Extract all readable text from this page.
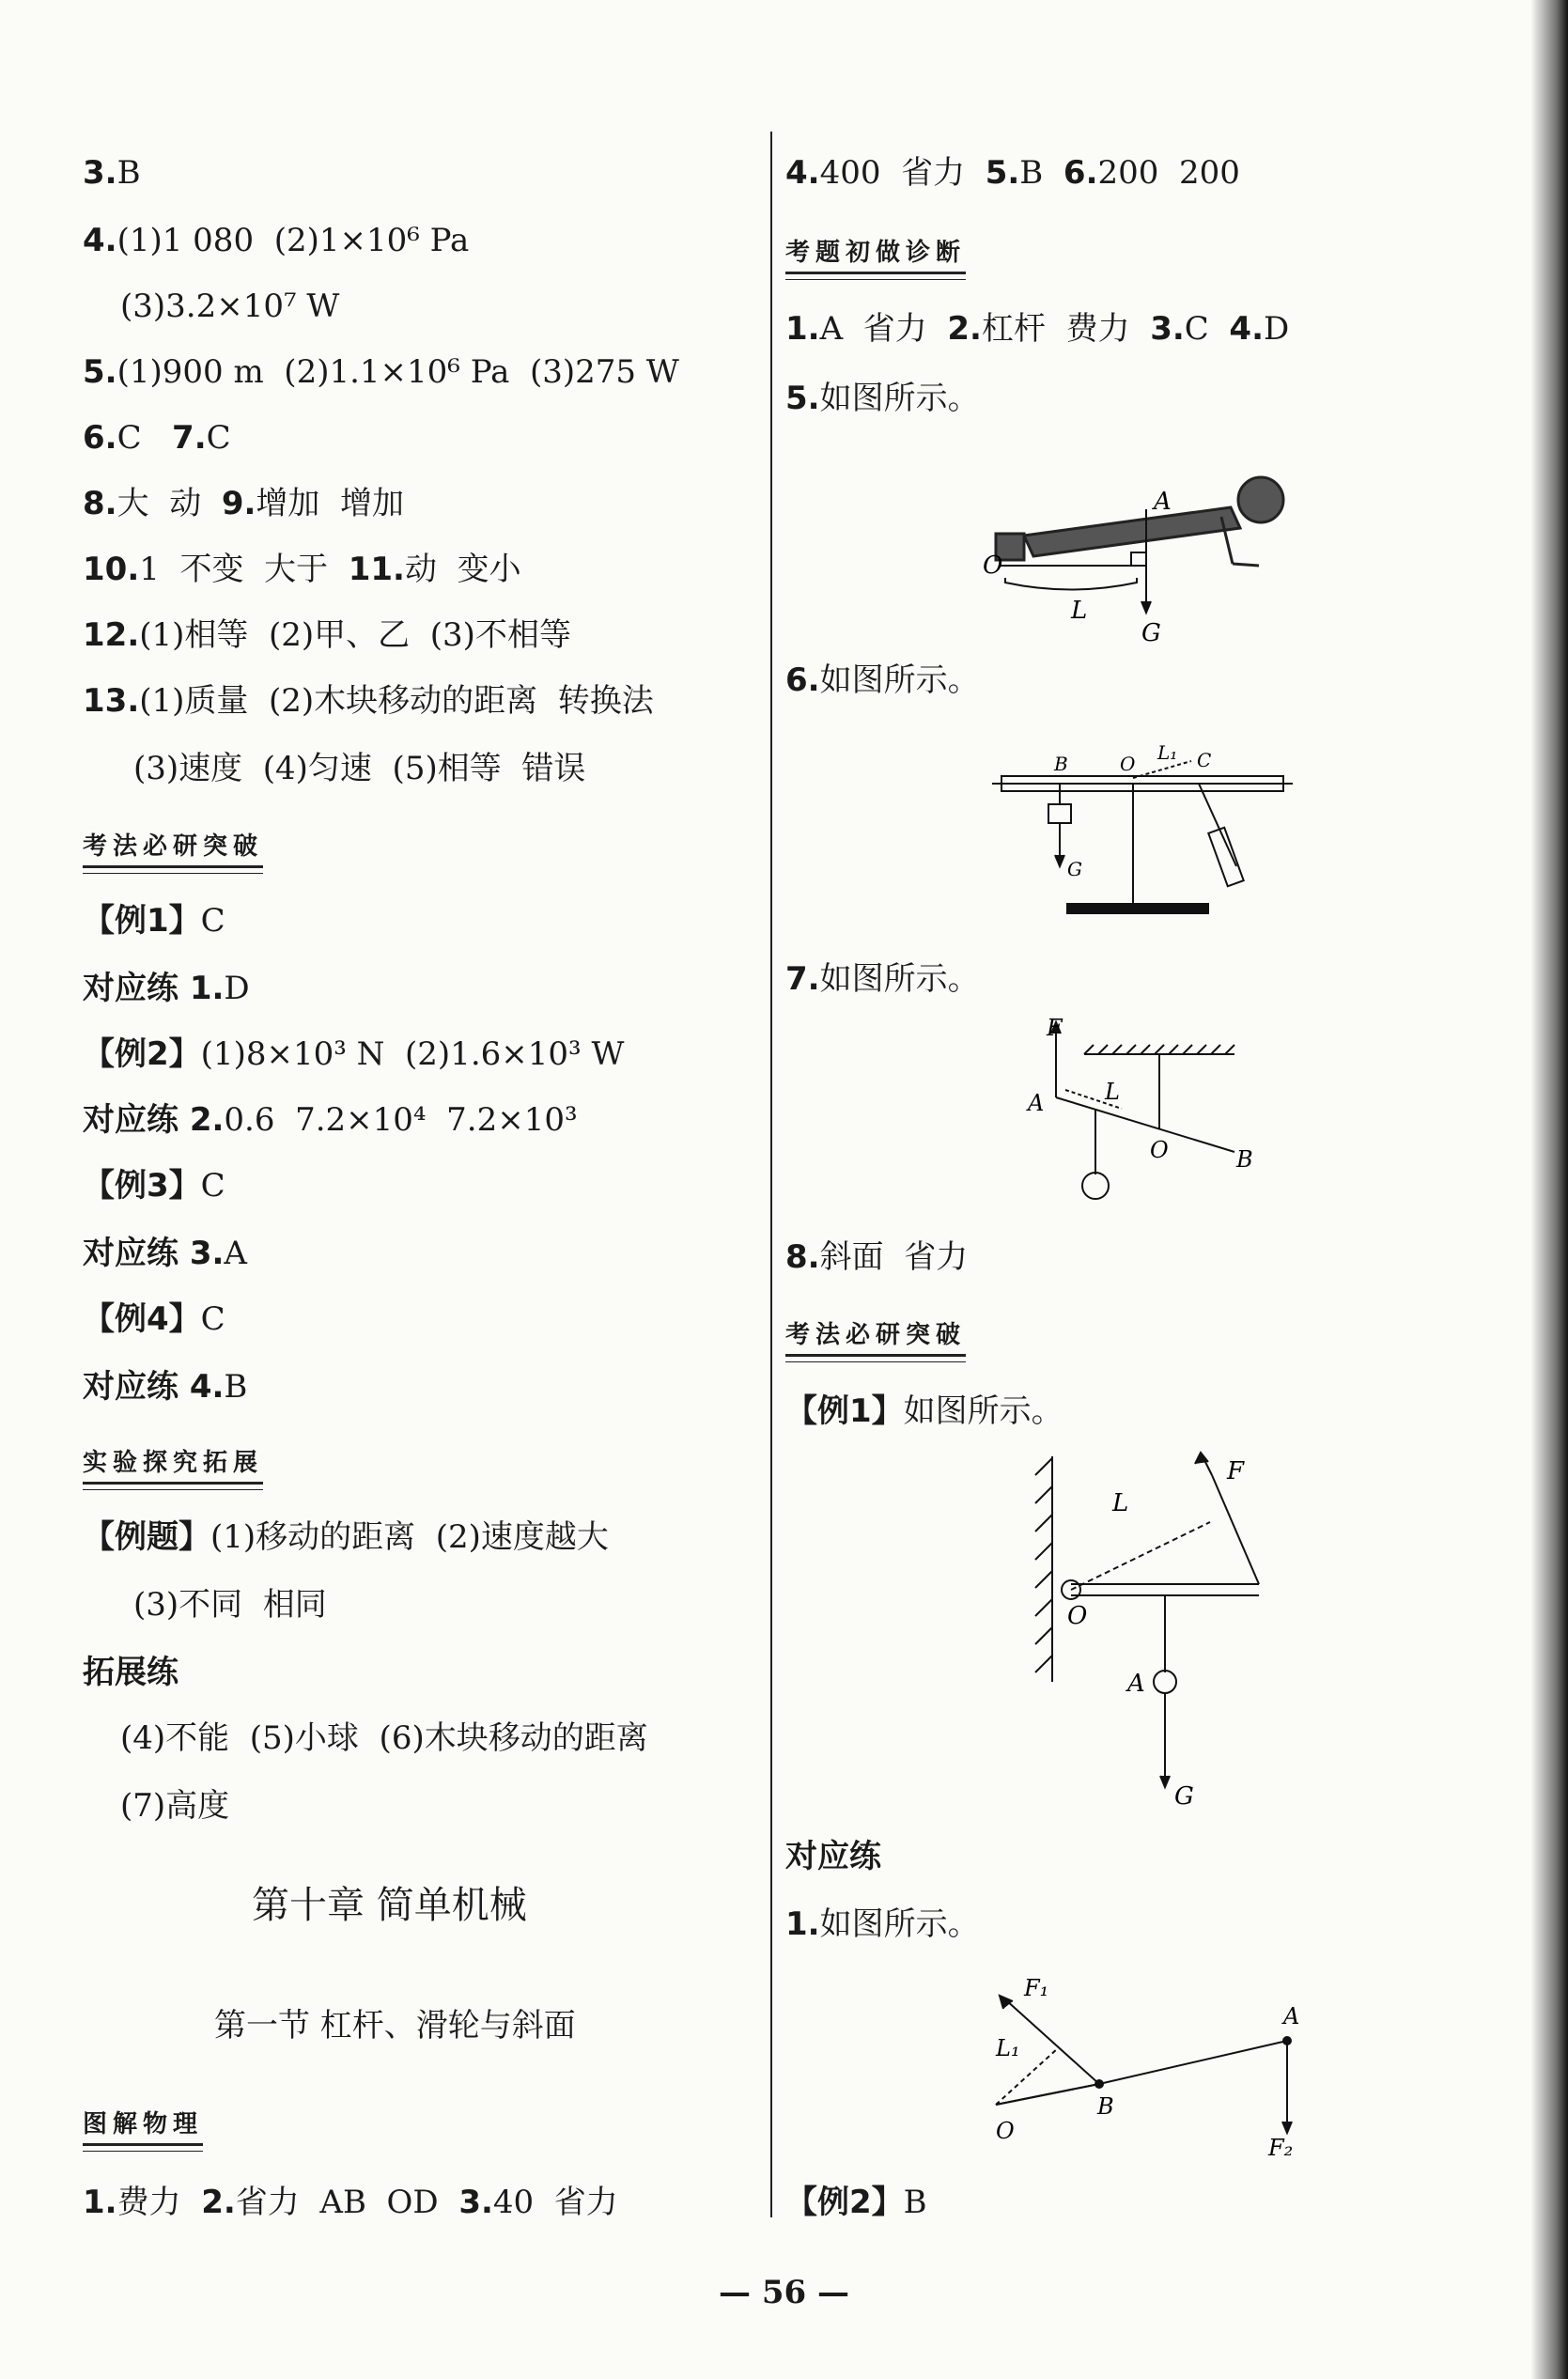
3.B
4.(1)1 080  (2)1×10⁶ Pa
(3)3.2×10⁷ W
5.(1)900 m  (2)1.1×10⁶ Pa  (3)275 W
6.C 7.C
8.大  动 9.增加  增加
10.1  不变  大于 11.动  变小
12.(1)相等  (2)甲、乙  (3)不相等
13.(1)质量  (2)木块移动的距离  转换法
(3)速度  (4)匀速  (5)相等  错误
考法必研突破
【例1】C
对应练 1.D
【例2】(1)8×10³ N  (2)1.6×10³ W
对应练 2.0.6  7.2×10⁴  7.2×10³
【例3】C
对应练 3.A
【例4】C
对应练 4.B
实验探究拓展
【例题】(1)移动的距离  (2)速度越大
(3)不同  相同
拓展练
(4)不能  (5)小球  (6)木块移动的距离
(7)高度
第十章 简单机械
第一节 杠杆、滑轮与斜面
图解物理
1.费力 2.省力  AB  OD 3.40  省力
4.400  省力 5.B 6.200  200
考题初做诊断
1.A  省力 2.杠杆  费力 3.C 4.D
5.如图所示。
6.如图所示。
7.如图所示。
8.斜面  省力
考法必研突破
【例1】如图所示。
对应练
1.如图所示。
【例2】B
A
O
L
G
B	O L₁ C
G
F
A	L
O	B
L
F
O
A
G
F₁
L₁
A
B
O
F₂
— 56 —
